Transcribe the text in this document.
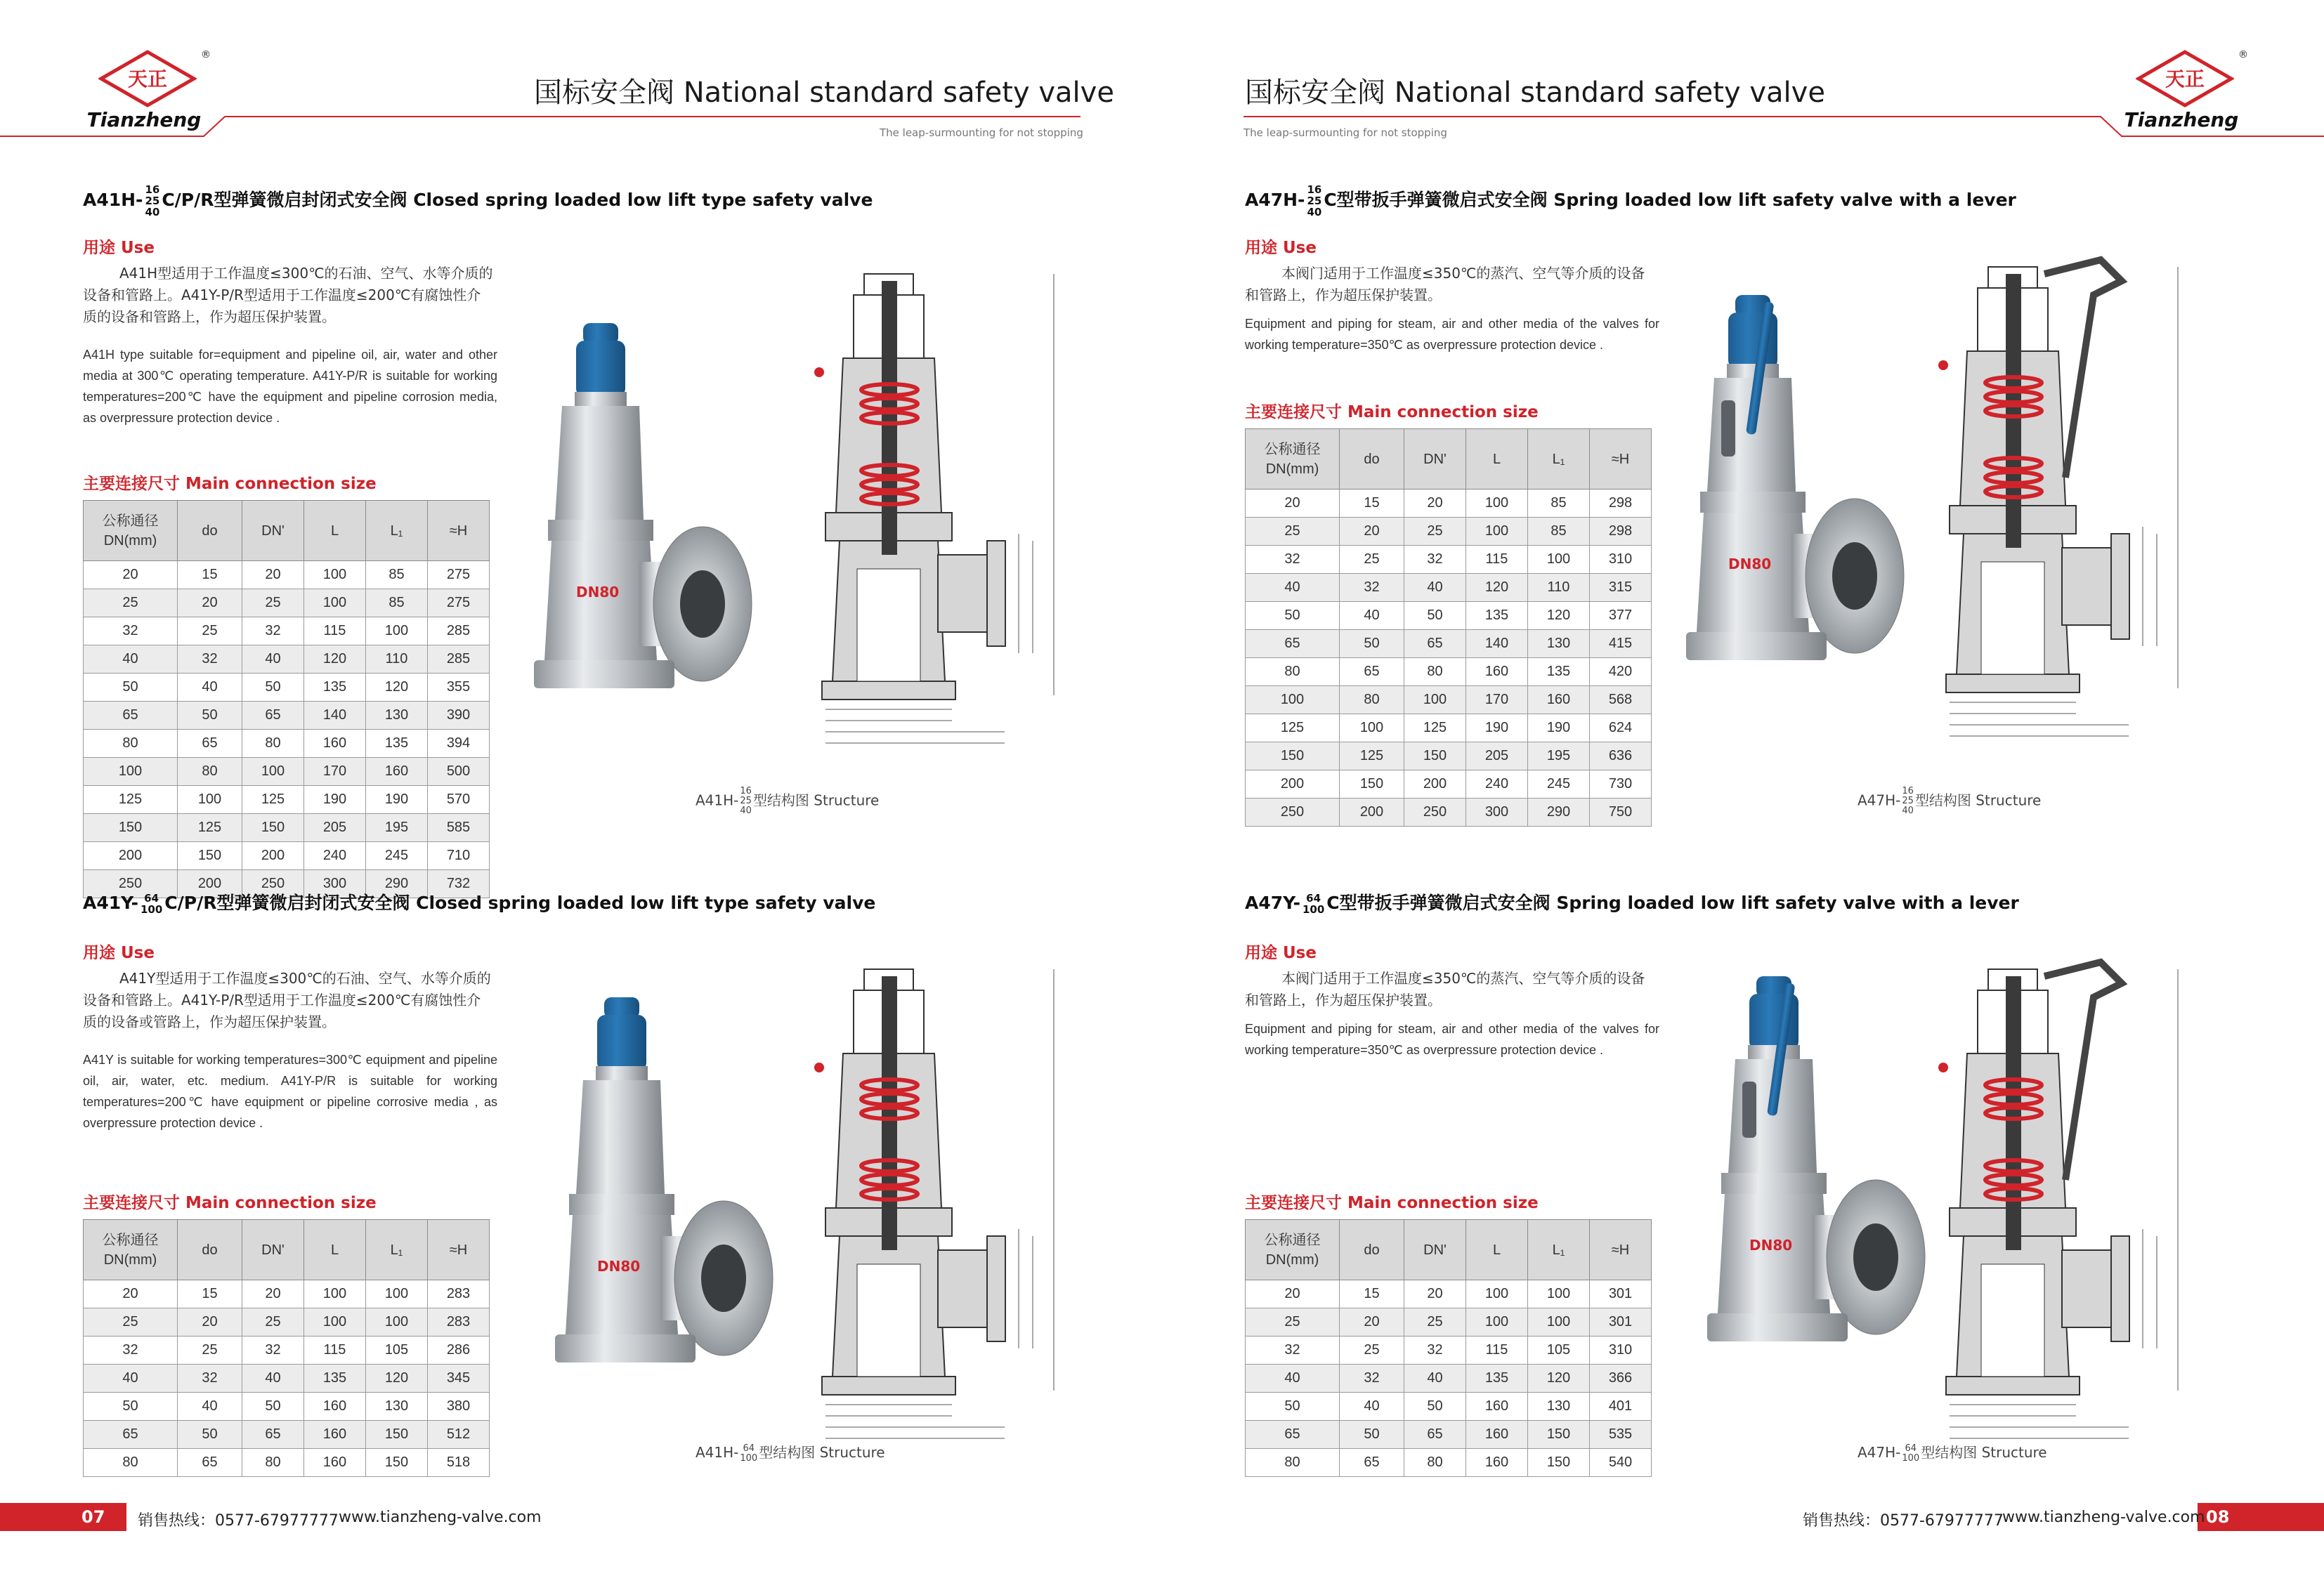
天正
Tianzheng
®
天正
Tianzheng
®
国标安全阀 National standard safety valve	国标安全阀 National standard safety valve
The leap-surmounting for not stopping	The leap-surmounting for not stopping
A41H- 16
25
40
C/P/R型弹簧微启封闭式安全阀 Closed spring loaded low lift type safety valve
用途 Use
A41H型适用于工作温度≤300℃的石油、空气、水等介质的设备和管路上。A41Y-P/R型适用于工作温度≤200℃有腐蚀性介质的设备和管路上，作为超压保护装置。
A41H type suitable for=equipment and pipeline oil, air, water and other media at 300℃ operating temperature. A41Y-P/R is suitable for working temperatures=200℃ have the equipment and pipeline corrosion media, as overpressure protection device .
主要连接尺寸 Main connection size
公称通径 DN(mm)	do	DN'	L	L₁	≈H
20	15	20	100	85	275
25	20	25	100	85	275
32	25	32	115	100	285
40	32	40	120	110	285
50	40	50	135	120	355
65	50	65	140	130	390
80	65	80	160	135	394
100	80	100	170	160	500
125	100	125	190	190	570
150	125	150	205	195	585
200	150	200	240	245	710
250	200	250	300	290	732
A41H-
16
25
40
型结构图 Structure
DN80
A47H- 16
25
40
C型带扳手弹簧微启式安全阀 Spring loaded low lift safety valve with a lever
用途 Use
本阀门适用于工作温度≤350℃的蒸汽、空气等介质的设备和管路上，作为超压保护装置。
Equipment and piping for steam, air and other media of the valves for working temperature=350℃ as overpressure protection device .
主要连接尺寸 Main connection size
公称通径 DN(mm)	do	DN'	L	L₁	≈H
20	15	20	100	85	298
25	20	25	100	85	298
32	25	32	115	100	310
40	32	40	120	110	315
50	40	50	135	120	377
65	50	65	140	130	415
80	65	80	160	135	420
100	80	100	170	160	568
125	100	125	190	190	624
150	125	150	205	195	636
200	150	200	240	245	730
250	200	250	300	290	750
A47H-
16
25
40
型结构图 Structure
DN80
A41Y- 64
100 C/P/R型弹簧微启封闭式安全阀 Closed spring loaded low lift type safety valve
用途 Use
A41Y型适用于工作温度≤300℃的石油、空气、水等介质的设备和管路上。A41Y-P/R型适用于工作温度≤200℃有腐蚀性介质的设备或管路上，作为超压保护装置。
A41Y is suitable for working temperatures=300℃ equipment and pipeline oil, air, water, etc. medium. A41Y-P/R is suitable for working temperatures=200℃ have equipment or pipeline corrosive media , as overpressure protection device .
主要连接尺寸 Main connection size
公称通径 DN(mm)	do	DN'	L	L₁	≈H
20	15	20	100	100	283
25	20	25	100	100	283
32	25	32	115	105	286
40	32	40	135	120	345
50	40	50	160	130	380
65	50	65	160	150	512
80	65	80	160	150	518
A41H- 64
100 型结构图 Structure
DN80
A47Y- 64
100 C型带扳手弹簧微启式安全阀 Spring loaded low lift safety valve with a lever
用途 Use
本阀门适用于工作温度≤350℃的蒸汽、空气等介质的设备和管路上，作为超压保护装置。
Equipment and piping for steam, air and other media of the valves for working temperature=350℃ as overpressure protection device .
主要连接尺寸 Main connection size
公称通径 DN(mm)	do	DN'	L	L₁	≈H
20	15	20	100	100	301
25	20	25	100	100	301
32	25	32	115	105	310
40	32	40	135	120	366
50	40	50	160	130	401
65	50	65	160	150	535
80	65	80	160	150	540
A47H- 64
100 型结构图 Structure
DN80
07	08
销售热线：0577-67977777 www.tianzheng-valve.com	销售热线：0577-67977777
www.tianzheng-valve.com
